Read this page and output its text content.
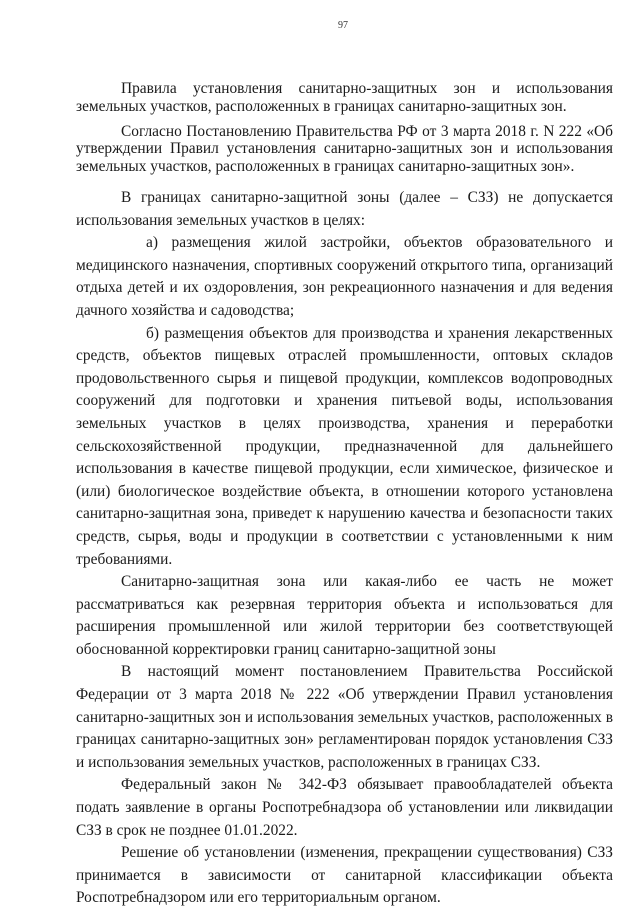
97

Правила установления санитарно-защитных зон и использования земельных участков, расположенных в границах санитарно-защитных зон.

Согласно Постановлению Правительства РФ от 3 марта 2018 г. N 222 «Об утверждении Правил установления санитарно-защитных зон и использования земельных участков, расположенных в границах санитарно-защитных зон».

В границах санитарно-защитной зоны (далее – СЗЗ) не допускается использования земельных участков в целях:

а) размещения жилой застройки, объектов образовательного и медицинского назначения, спортивных сооружений открытого типа, организаций отдыха детей и их оздоровления, зон рекреационного назначения и для ведения дачного хозяйства и садоводства;

б) размещения объектов для производства и хранения лекарственных средств, объектов пищевых отраслей промышленности, оптовых складов продовольственного сырья и пищевой продукции, комплексов водопроводных сооружений для подготовки и хранения питьевой воды, использования земельных участков в целях производства, хранения и переработки сельскохозяйственной продукции, предназначенной для дальнейшего использования в качестве пищевой продукции, если химическое, физическое и (или) биологическое воздействие объекта, в отношении которого установлена санитарно-защитная зона, приведет к нарушению качества и безопасности таких средств, сырья, воды и продукции в соответствии с установленными к ним требованиями.

Санитарно-защитная зона или какая-либо ее часть не может рассматриваться как резервная территория объекта и использоваться для расширения промышленной или жилой территории без соответствующей обоснованной корректировки границ санитарно-защитной зоны

В настоящий момент постановлением Правительства Российской Федерации от 3 марта 2018 № 222 «Об утверждении Правил установления санитарно-защитных зон и использования земельных участков, расположенных в границах санитарно-защитных зон» регламентирован порядок установления СЗЗ и использования земельных участков, расположенных в границах СЗЗ.

Федеральный закон № 342-ФЗ обязывает правообладателей объекта подать заявление в органы Роспотребнадзора об установлении или ликвидации СЗЗ в срок не позднее 01.01.2022.

Решение об установлении (изменения, прекращении существования) СЗЗ принимается в зависимости от санитарной классификации объекта Роспотребнадзором или его территориальным органом.
